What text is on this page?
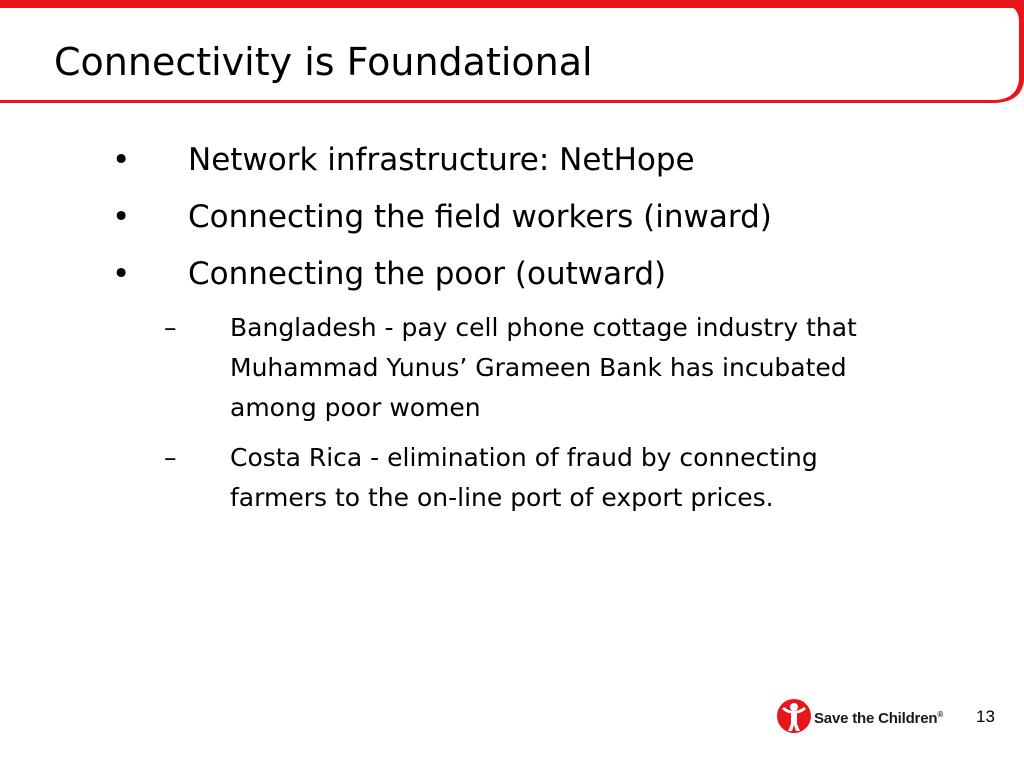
Connectivity is Foundational
• Network infrastructure: NetHope
• Connecting the field workers (inward)
• Connecting the poor (outward)
– Bangladesh - pay cell phone cottage industry that Muhammad Yunus’ Grameen Bank has incubated among poor women
– Costa Rica - elimination of fraud by connecting farmers to the on-line port of export prices.
Save the Children® 13
